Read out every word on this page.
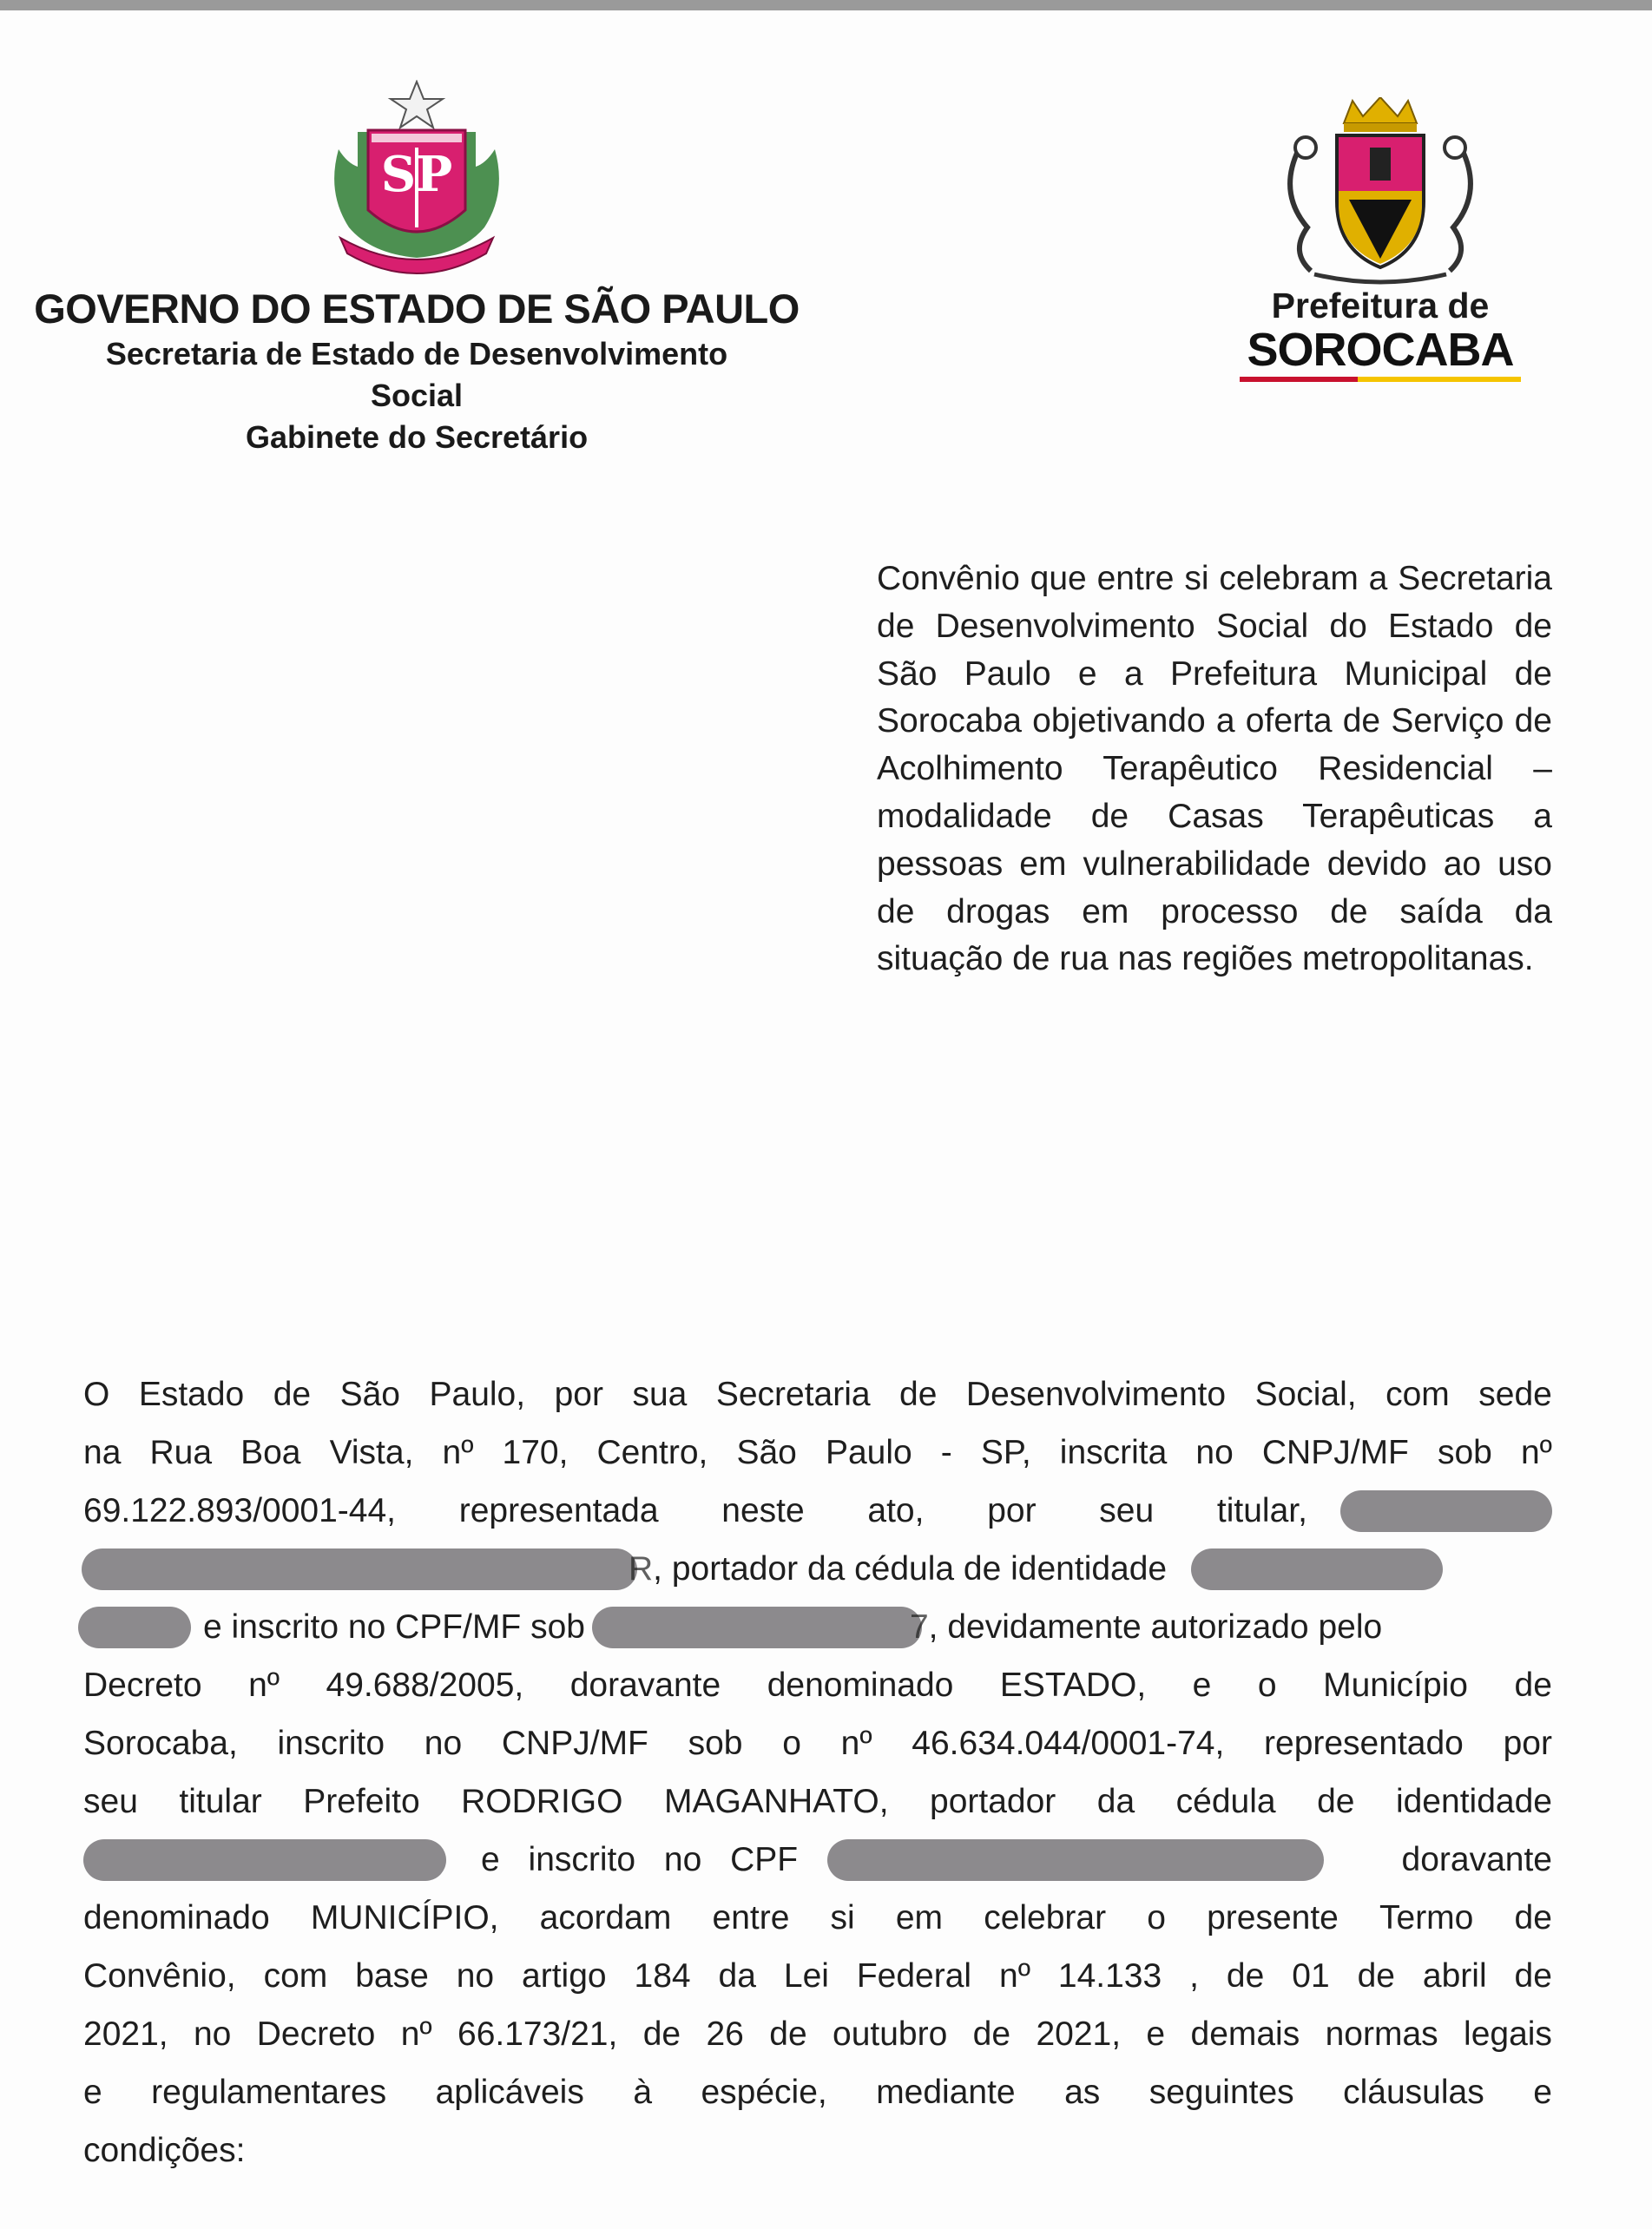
SP
GOVERNO DO ESTADO DE SÃO PAULO
Secretaria de Estado de Desenvolvimento
Social
Gabinete do Secretário
Prefeitura de
SOROCABA
Convênio que entre si celebram a Secretaria de Desenvolvimento Social do Estado de São Paulo e a Prefeitura Municipal de Sorocaba objetivando a oferta de Serviço de Acolhimento Terapêutico Residencial – modalidade de Casas Terapêuticas a pessoas em vulnerabilidade devido ao uso de drogas em processo de saída da situação de rua nas regiões metropolitanas.
O Estado de São Paulo, por sua Secretaria de Desenvolvimento Social, com sede
na Rua Boa Vista, nº 170, Centro, São Paulo - SP, inscrita no CNPJ/MF sob nº
69.122.893/0001-44, representada neste ato, por seu titular,
R , portador da cédula de identidade
e inscrito no CPF/MF sob	7 , devidamente autorizado pelo
Decreto nº 49.688/2005, doravante denominado ESTADO, e o Município de
Sorocaba, inscrito no CNPJ/MF sob o nº 46.634.044/0001-74, representado por
seu titular Prefeito RODRIGO MAGANHATO, portador da cédula de identidade
e inscrito no CPF	doravante
denominado MUNICÍPIO, acordam entre si em celebrar o presente Termo de
Convênio, com base no artigo 184 da Lei Federal nº 14.133 , de 01 de abril de
2021, no Decreto nº 66.173/21, de 26 de outubro de 2021, e demais normas legais
e regulamentares aplicáveis à espécie, mediante as seguintes cláusulas e
condições:
